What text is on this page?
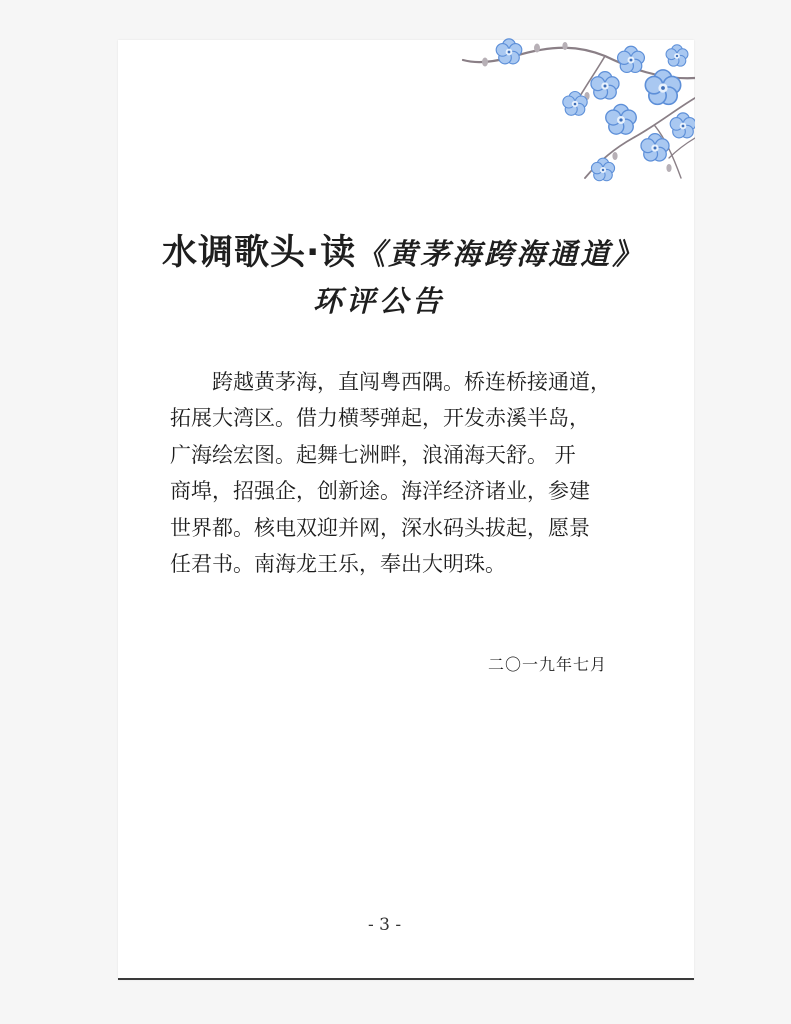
水调歌头·读《黄茅海跨海通道》
环评公告
跨越黄茅海，直闯粤西隅。桥连桥接通道，
拓展大湾区。借力横琴弹起，开发赤溪半岛，
广海绘宏图。起舞七洲畔，浪涌海天舒。 开
商埠，招强企，创新途。海洋经济诸业，参建
世界都。核电双迎并网，深水码头拔起，愿景
任君书。南海龙王乐，奉出大明珠。
二〇一九年七月
- 3 -
